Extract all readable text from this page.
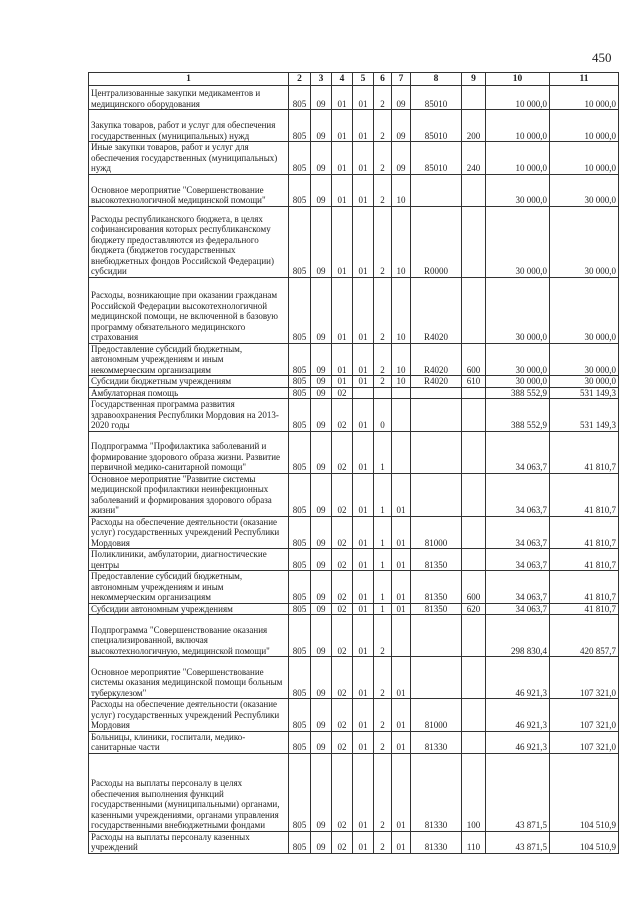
450
1	2	3	4	5	6	7	8	9	10	11

Централизованные закупки медикаментов и медицинского оборудования	805	09	01	01	2	09	85010		10 000,0	10 000,0

Закупка товаров, работ и услуг для обеспечения государственных (муниципальных) нужд	805	09	01	01	2	09	85010	200	10 000,0	10 000,0

Иные закупки товаров, работ и услуг для обеспечения государственных (муниципальных) нужд	805	09	01	01	2	09	85010	240	10 000,0	10 000,0

Основное мероприятие "Совершенствование высокотехнологичной медицинской помощи"	805	09	01	01	2	10			30 000,0	30 000,0

Расходы республиканского бюджета, в целях софинансирования которых республиканскому бюджету предоставляются из федерального бюджета (бюджетов государственных внебюджетных фондов Российской Федерации) субсидии	805	09	01	01	2	10	R0000		30 000,0	30 000,0

Расходы, возникающие при оказании гражданам Российской Федерации высокотехнологичной медицинской помощи, не включенной в базовую программу обязательного медицинского страхования	805	09	01	01	2	10	R4020		30 000,0	30 000,0

Предоставление субсидий бюджетным, автономным учреждениям и иным некоммерческим организациям	805	09	01	01	2	10	R4020	600	30 000,0	30 000,0

Субсидии бюджетным учреждениям	805	09	01	01	2	10	R4020	610	30 000,0	30 000,0

Амбулаторная помощь	805	09	02						388 552,9	531 149,3

Государственная программа развития здравоохранения Республики Мордовия на 2013-2020 годы	805	09	02	01	0				388 552,9	531 149,3

Подпрограмма "Профилактика заболеваний и формирование здорового образа жизни. Развитие первичной медико-санитарной помощи"	805	09	02	01	1				34 063,7	41 810,7

Основное мероприятие "Развитие системы медицинской профилактики неинфекционных заболеваний и формирования здорового образа жизни"	805	09	02	01	1	01			34 063,7	41 810,7

Расходы на обеспечение деятельности (оказание услуг) государственных учреждений Республики Мордовия	805	09	02	01	1	01	81000		34 063,7	41 810,7

Поликлиники, амбулатории, диагностические центры	805	09	02	01	1	01	81350		34 063,7	41 810,7

Предоставление субсидий бюджетным, автономным учреждениям и иным некоммерческим организациям	805	09	02	01	1	01	81350	600	34 063,7	41 810,7

Субсидии автономным учреждениям	805	09	02	01	1	01	81350	620	34 063,7	41 810,7

Подпрограмма "Совершенствование оказания специализированной, включая высокотехнологичную, медицинской помощи"	805	09	02	01	2				298 830,4	420 857,7

Основное мероприятие "Совершенствование системы оказания медицинской помощи больным туберкулезом"	805	09	02	01	2	01			46 921,3	107 321,0

Расходы на обеспечение деятельности (оказание услуг) государственных учреждений Республики Мордовия	805	09	02	01	2	01	81000		46 921,3	107 321,0

Больницы, клиники, госпитали, медико-санитарные части	805	09	02	01	2	01	81330		46 921,3	107 321,0

Расходы на выплаты персоналу в целях обеспечения выполнения функций государственными (муниципальными) органами, казенными учреждениями, органами управления государственными внебюджетными фондами	805	09	02	01	2	01	81330	100	43 871,5	104 510,9

Расходы на выплаты персоналу казенных учреждений	805	09	02	01	2	01	81330	110	43 871,5	104 510,9
